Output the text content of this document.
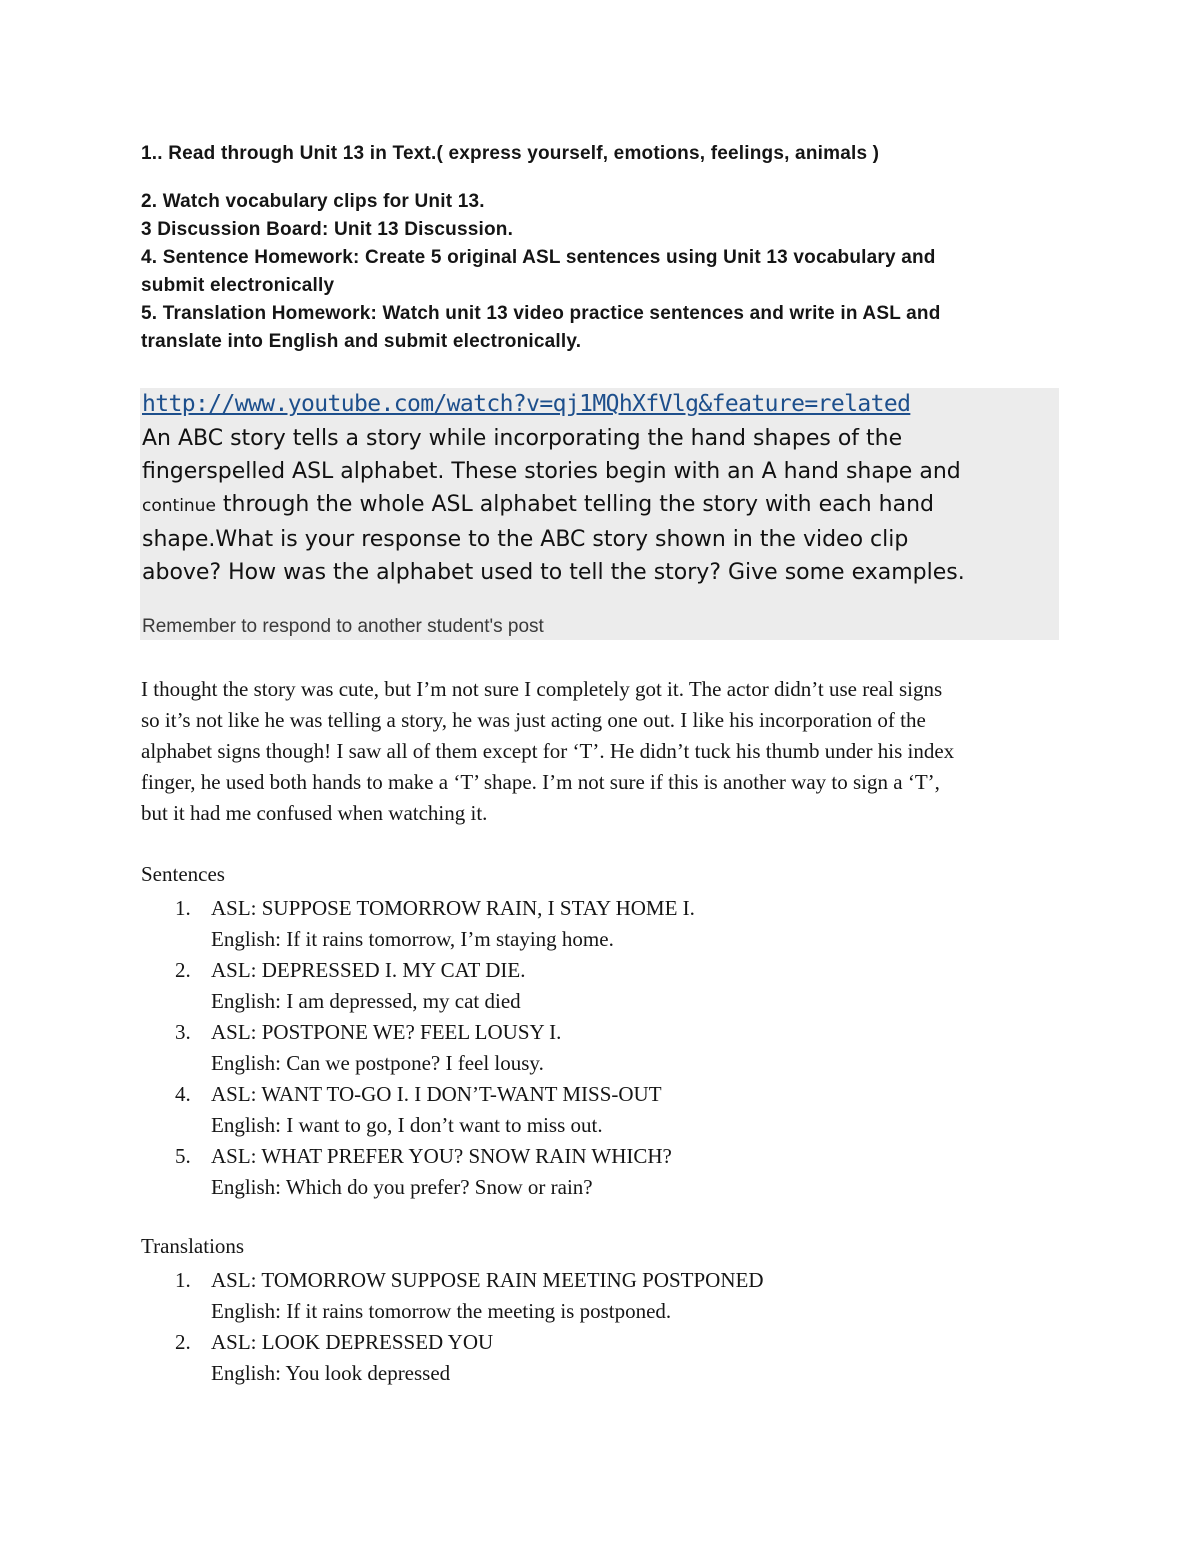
1.. Read through Unit 13 in Text.( express yourself, emotions, feelings, animals )
2. Watch vocabulary clips for Unit 13.
3 Discussion Board: Unit 13 Discussion.
4. Sentence Homework: Create 5 original ASL sentences using Unit 13 vocabulary and
submit electronically
5. Translation Homework: Watch unit 13 video practice sentences and write in ASL and
translate into English and submit electronically.
http://www.youtube.com/watch?v=qj1MQhXfVlg&feature=related
An ABC story tells a story while incorporating the hand shapes of the
fingerspelled ASL alphabet. These stories begin with an A hand shape and
continue through the whole ASL alphabet telling the story with each hand
shape.What is your response to the ABC story shown in the video clip
above? How was the alphabet used to tell the story? Give some examples.
Remember to respond to another student's post
I thought the story was cute, but I’m not sure I completely got it. The actor didn’t use real signs
so it’s not like he was telling a story, he was just acting one out. I like his incorporation of the
alphabet signs though! I saw all of them except for ‘T’. He didn’t tuck his thumb under his index
finger, he used both hands to make a ‘T’ shape. I’m not sure if this is another way to sign a ‘T’,
but it had me confused when watching it.
Sentences
1. ASL: SUPPOSE TOMORROW RAIN, I STAY HOME I.
English: If it rains tomorrow, I’m staying home.
2. ASL: DEPRESSED I. MY CAT DIE.
English: I am depressed, my cat died
3. ASL: POSTPONE WE? FEEL LOUSY I.
English: Can we postpone? I feel lousy.
4. ASL: WANT TO-GO I. I DON’T-WANT MISS-OUT
English: I want to go, I don’t want to miss out.
5. ASL: WHAT PREFER YOU? SNOW RAIN WHICH?
English: Which do you prefer? Snow or rain?
Translations
1. ASL: TOMORROW SUPPOSE RAIN MEETING POSTPONED
English: If it rains tomorrow the meeting is postponed.
2. ASL: LOOK DEPRESSED YOU
English: You look depressed
